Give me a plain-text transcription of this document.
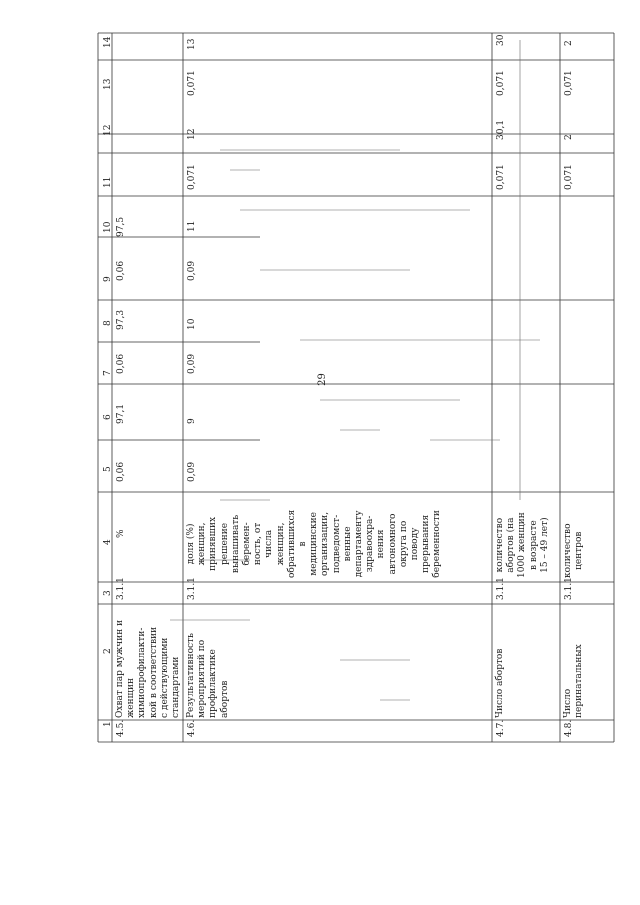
29
1
2
3
4
5
6
7
8
9
10
11
12
13
14
4.5.
Охват пар мужчин и
женщин
химиопрофилакти-
кой в соответствии
с действующими
стандартами
3.1.1
%
0,06
97,1
0,06
97,3
0,06
97,5
4.6.
Результативность
мероприятий по
профилактике
абортов
3.1.1
доля (%)
женщин,
принявших
решение
вынашивать
беремен-
ность, от
числа
женщин,
обратившихся
в
медицинские
организации,
подведомст-
венные
департаменту
здравоохра-
нения
автономного
округа по
поводу
прерывания
беременности
0,09
9
0,09
10
0,09
11
0,071
12
0,071
13
4.7.
Число абортов
3.1.1
количество
абортов (на
1000 женщин
в возрасте
15 – 49 лет)
0,071
30,1
0,071
30
4.8.
Число
перинатальных
3.1.1
количество
центров
0,071
2
0,071
2
